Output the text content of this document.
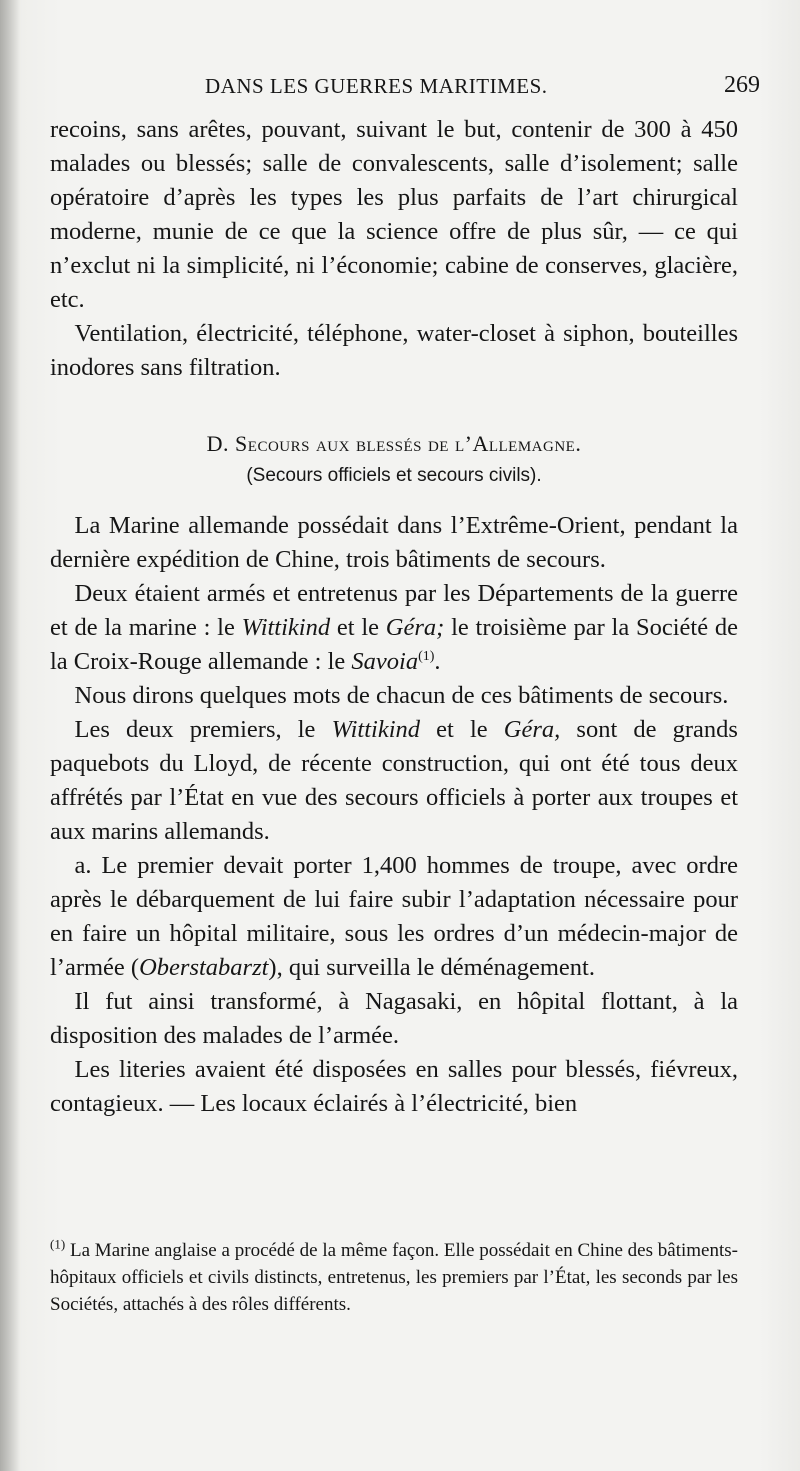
DANS LES GUERRES MARITIMES.	269

recoins, sans arêtes, pouvant, suivant le but, contenir de 300 à 450 malades ou blessés; salle de convalescents, salle d’isolement; salle opératoire d’après les types les plus parfaits de l’art chirurgical moderne, munie de ce que la science offre de plus sûr, — ce qui n’exclut ni la simplicité, ni l’économie; cabine de conserves, glacière, etc.

Ventilation, électricité, téléphone, water-closet à siphon, bouteilles inodores sans filtration.

D. Secours aux blessés de l’Allemagne.
(Secours officiels et secours civils).

La Marine allemande possédait dans l’Extrême-Orient, pendant la dernière expédition de Chine, trois bâtiments de secours.

Deux étaient armés et entretenus par les Départements de la guerre et de la marine : le Wittikind et le Géra; le troisième par la Société de la Croix-Rouge allemande : le Savoia$^{(1)}$.

Nous dirons quelques mots de chacun de ces bâtiments de secours.

Les deux premiers, le Wittikind et le Géra, sont de grands paquebots du Lloyd, de récente construction, qui ont été tous deux affrétés par l’État en vue des secours officiels à porter aux troupes et aux marins allemands.

a. Le premier devait porter 1,400 hommes de troupe, avec ordre après le débarquement de lui faire subir l’adaptation nécessaire pour en faire un hôpital militaire, sous les ordres d’un médecin-major de l’armée (Oberstabarzt), qui surveilla le déménagement.

Il fut ainsi transformé, à Nagasaki, en hôpital flottant, à la disposition des malades de l’armée.

Les literies avaient été disposées en salles pour blessés, fiévreux, contagieux. — Les locaux éclairés à l’électricité, bien

$^{(1)}$ La Marine anglaise a procédé de la même façon. Elle possédait en Chine des bâtiments-hôpitaux officiels et civils distincts, entretenus, les premiers par l’État, les seconds par les Sociétés, attachés à des rôles différents.
